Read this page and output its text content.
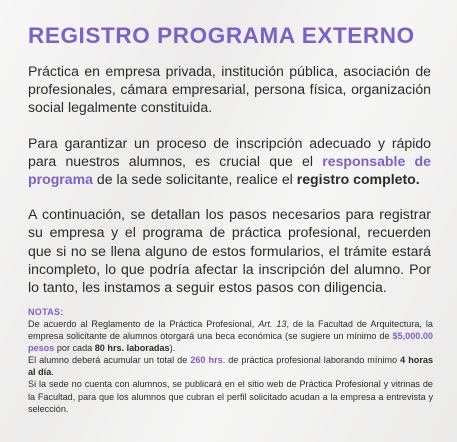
REGISTRO PROGRAMA EXTERNO

Práctica en empresa privada, institución pública, asociación de profesionales, cámara empresarial, persona física, organización social legalmente constituida.

Para garantizar un proceso de inscripción adecuado y rápido para nuestros alumnos, es crucial que el responsable de programa de la sede solicitante, realice el registro completo.

A continuación, se detallan los pasos necesarios para registrar su empresa y el programa de práctica profesional, recuerden que si no se llena alguno de estos formularios, el trámite estará incompleto, lo que podría afectar la inscripción del alumno. Por lo tanto, les instamos a seguir estos pasos con diligencia.

NOTAS:

De acuerdo al Reglamento de la Práctica Profesional, Art. 13, de la Facultad de Arquitectura, la empresa solicitante de alumnos otorgará una beca económica (se sugiere un mínimo de $5,000.00 pesos por cada 80 hrs. laboradas).

El alumno deberá acumular un total de 260 hrs. de práctica profesional laborando mínimo 4 horas al día.

Si la sede no cuenta con alumnos, se publicará en el sitio web de Práctica Profesional y vitrinas de la Facultad, para que los alumnos que cubran el perfil solicitado acudan a la empresa a entrevista y selección.
